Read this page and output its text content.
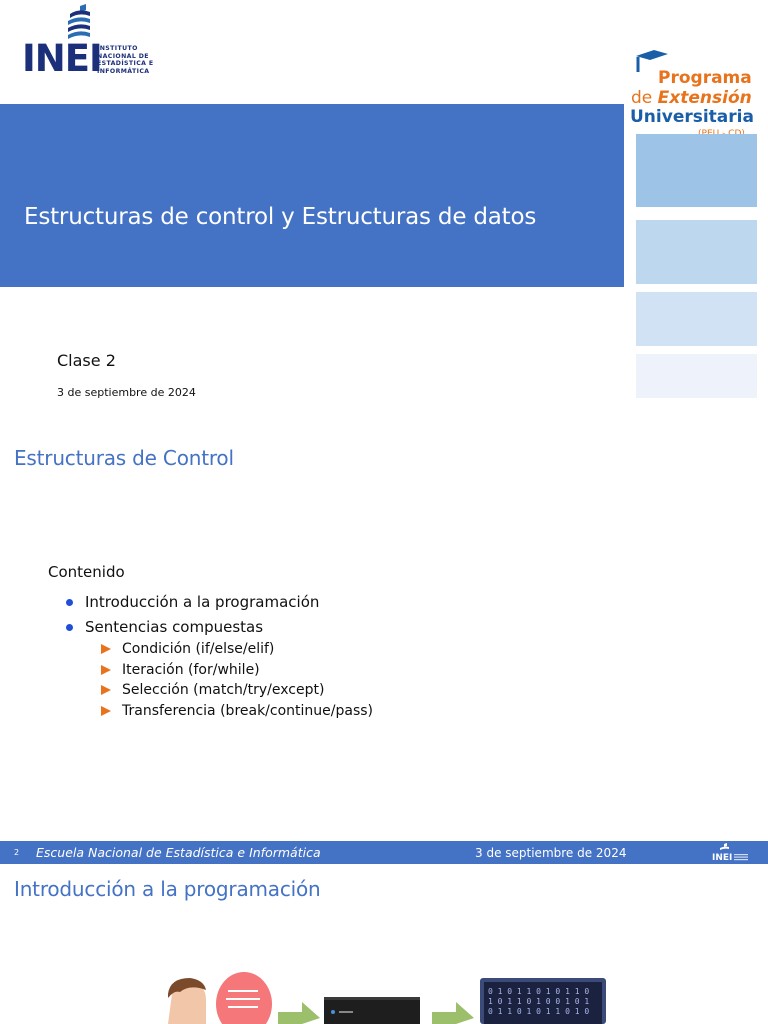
INEI
INSTITUTO
NACIONAL DE
ESTADÍSTICA E
INFORMÁTICA	Programa
de Extensión
Universitaria
Estructuras de control y Estructuras de datos
Clase 2
3 de septiembre de 2024
Estructuras de Control
Contenido
Introducción a la programación
Sentencias compuestas
Condición (if/else/elif)
Iteración (for/while)
Selección (match/try/except)
Transferencia (break/continue/pass)
2 Escuela Nacional de Estadística e Informática	3 de septiembre de 2024	INEI
Introducción a la programación
0 1 0 1 1 0 1 0 1 1 0
1 0 1 1 0 1 0 0 1 0 1
0 1 1 0 1 0 1 1 0 1 0
